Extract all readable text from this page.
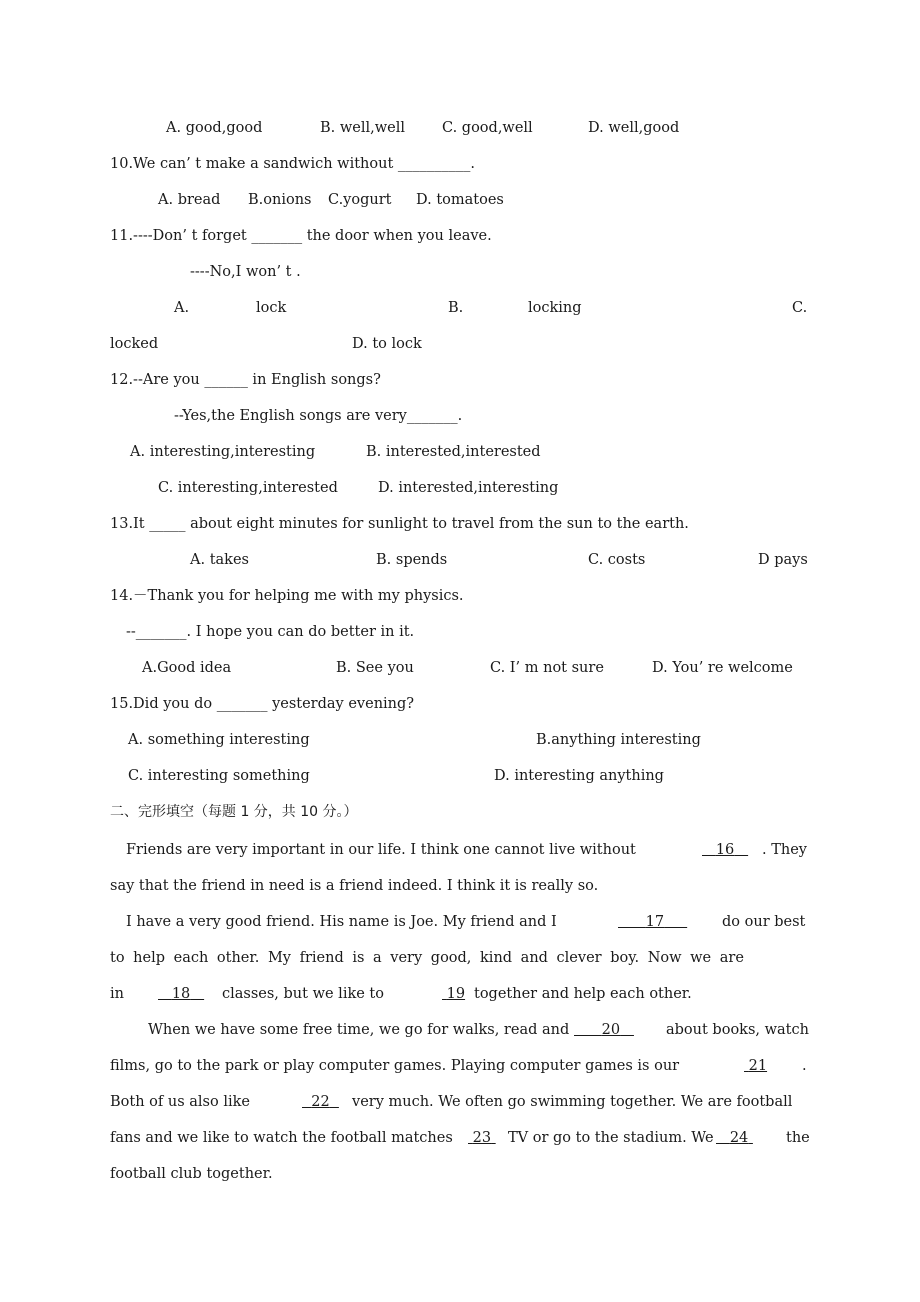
A. good,good	B. well,well	C. good,well	D. well,good
10.We can’ t make a sandwich without __________.
A. bread B.onions C.yogurt D. tomatoes
11.----Don’ t forget _______ the door when you leave.
----No,I won’ t .
A.	lock	B.	locking	C.
locked	D. to lock
12.--Are you ______ in English songs?
--Yes,the English songs are very_______.
A. interesting,interesting	B. interested,interested
C. interesting,interested	D. interested,interesting
13.It _____ about eight minutes for sunlight to travel from the sun to the earth.
A. takes	B. spends	C. costs	D pays
14.－Thank you for helping me with my physics.
--_______. I hope you can do better in it.
A.Good idea	B. See you	C. I’ m not sure	D. You’ re welcome
15.Did you do _______ yesterday evening?
A. something interesting	B.anything interesting
C. interesting something	D. interesting anything
二、完形填空（每题 1 分，共 10 分。）
Friends are very important in our life. I think one cannot live without	16	. They
say that the friend in need is a friend indeed. I think it is really so.
I have a very good friend. His name is Joe. My friend and I	17	do our best
to help each other. My friend is a very good, kind and clever boy. Now we are
in	18	classes, but we like to	19 together and help each other.
When we have some free time, we go for walks, read and	20	about books, watch
films, go to the park or play computer games. Playing computer games is our	21 .
Both of us also like	22	very much. We often go swimming together. We are football
fans and we like to watch the football matches	23	TV or go to the stadium. We	24	the
football club together.
